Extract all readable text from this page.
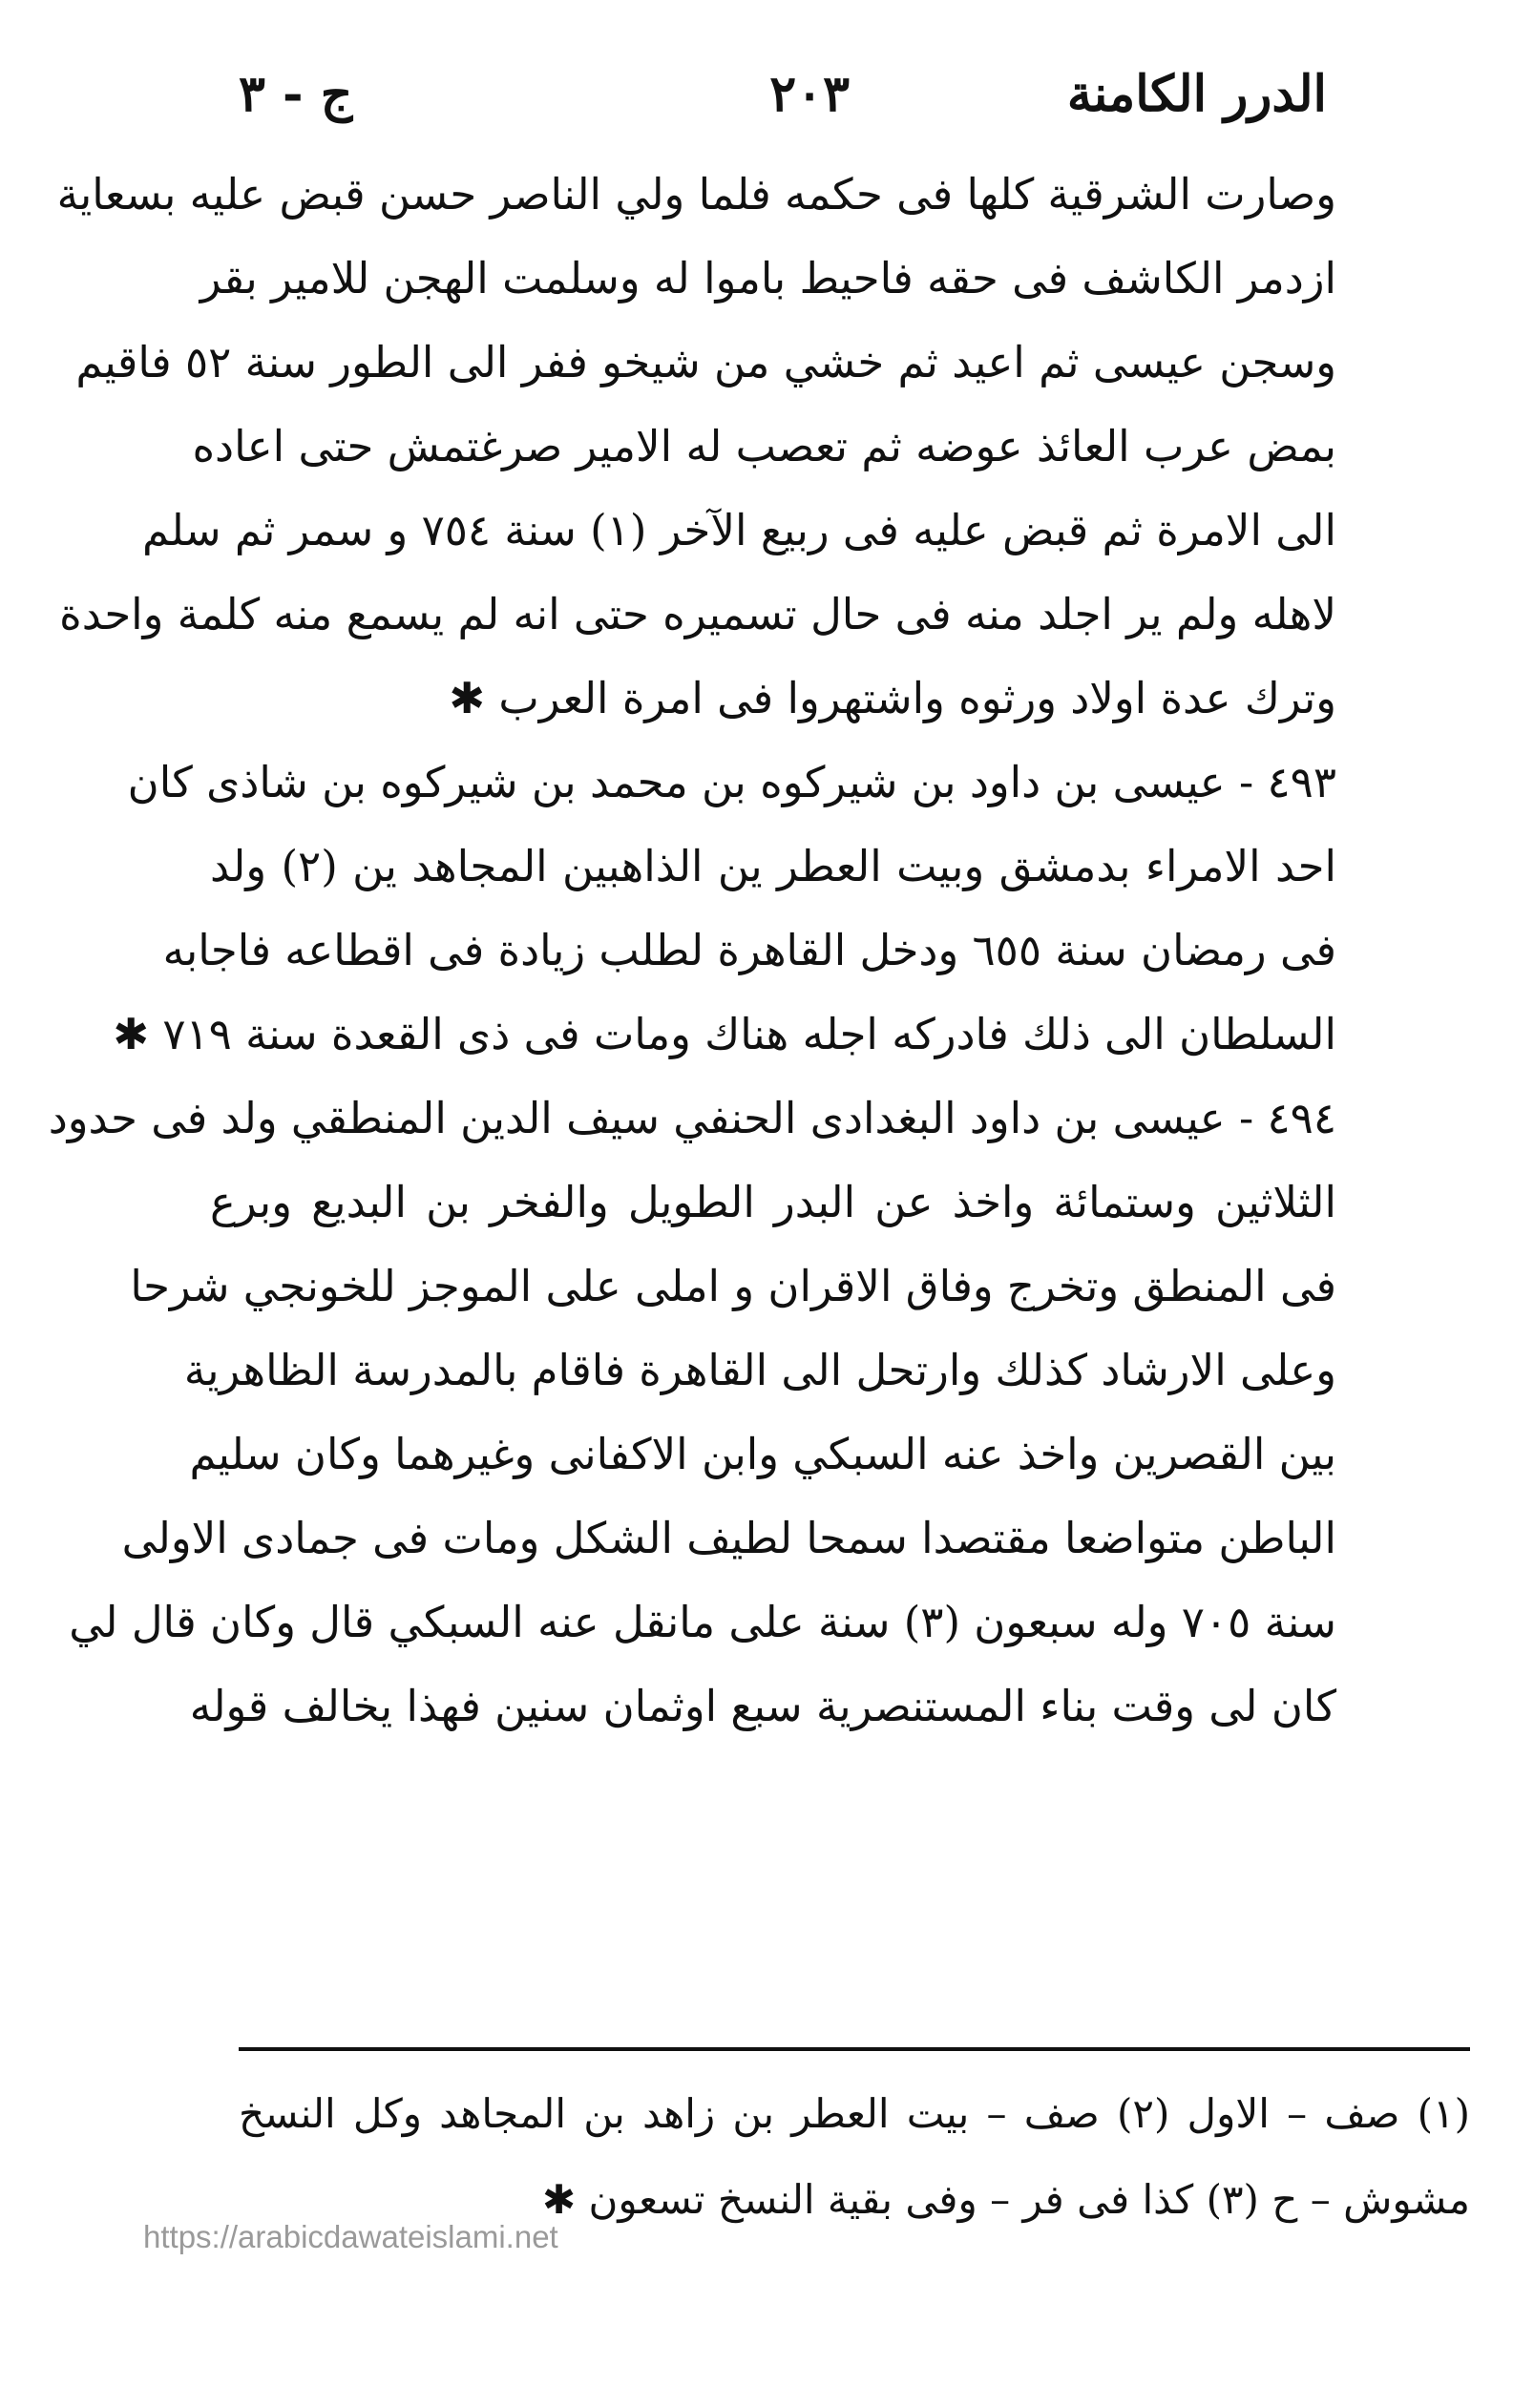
الدرر الكامنة
٢٠٣
ج - ٣
وصارت الشرقية كلها فى حكمه فلما ولي الناصر حسن قبض عليه بسعاية
ازدمر الكاشف فى حقه فاحيط باموا له وسلمت الهجن للامير بقر
وسجن عيسى ثم اعيد ثم خشي من شيخو ففر الى الطور سنة ٥٢ فاقيم
بمض عرب العائذ عوضه ثم تعصب له الامير صرغتمش حتى اعاده
الى الامرة ثم قبض عليه فى ربيع الآخر (١) سنة ٧٥٤ و سمر ثم سلم
لاهله ولم ير اجلد منه فى حال تسميره حتى انه لم يسمع منه كلمة واحدة
وترك عدة اولاد ورثوه واشتهروا فى امرة العرب ✱
٤٩٣ - عيسى بن داود بن شيركوه بن محمد بن شيركوه بن شاذى كان
احد الامراء بدمشق وبيت العطر ين الذاهبين المجاهد ين (٢) ولد
فى رمضان سنة ٦٥٥ ودخل القاهرة لطلب زيادة فى اقطاعه فاجابه
السلطان الى ذلك فادركه اجله هناك ومات فى ذى القعدة سنة ٧١٩ ✱
٤٩٤ - عيسى بن داود البغدادى الحنفي سيف الدين المنطقي ولد فى حدود
الثلاثين وستمائة واخذ عن البدر الطويل والفخر بن البديع وبرع
فى المنطق وتخرج وفاق الاقران و املى على الموجز للخونجي شرحا
وعلى الارشاد كذلك وارتحل الى القاهرة فاقام بالمدرسة الظاهرية
بين القصرين واخذ عنه السبكي وابن الاكفانى وغيرهما وكان سليم
الباطن متواضعا مقتصدا سمحا لطيف الشكل ومات فى جمادى الاولى
سنة ٧٠٥ وله سبعون (٣) سنة على مانقل عنه السبكي قال وكان قال لي
كان لى وقت بناء المستنصرية سبع اوثمان سنين فهذا يخالف قوله
(١) صف – الاول (٢) صف – بيت العطر بن زاهد بن المجاهد وكل النسخ
مشوش – ح (٣) كذا فى فر – وفى بقية النسخ تسعون ✱
https://arabicdawateislami.net
